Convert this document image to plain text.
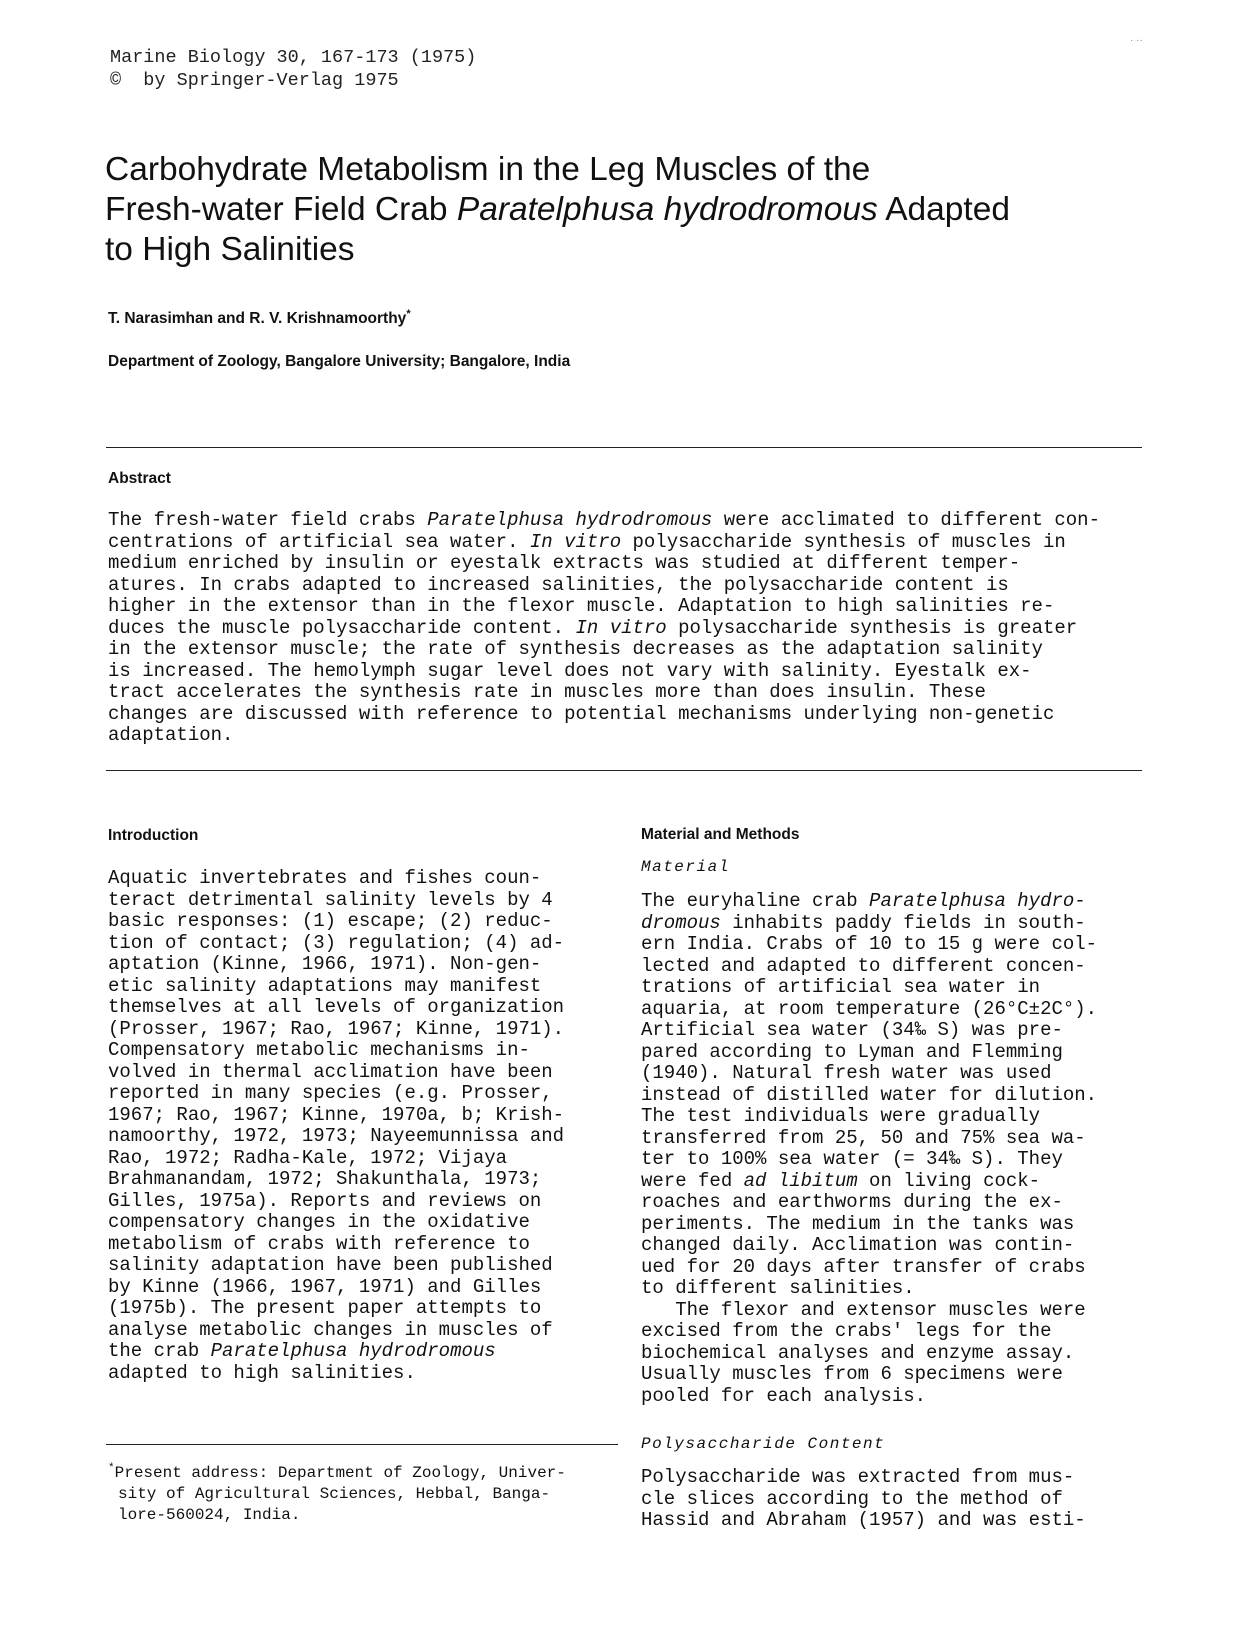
· ··
Marine Biology 30, 167-173 (1975)
©  by Springer-Verlag 1975
Carbohydrate Metabolism in the Leg Muscles of the
Fresh-water Field Crab Paratelphusa hydrodromous Adapted
to High Salinities
T. Narasimhan and R. V. Krishnamoorthy*
Department of Zoology, Bangalore University; Bangalore, India
Abstract
The fresh-water field crabs Paratelphusa hydrodromous were acclimated to different con-
centrations of artificial sea water. In vitro polysaccharide synthesis of muscles in
medium enriched by insulin or eyestalk extracts was studied at different temper-
atures. In crabs adapted to increased salinities, the polysaccharide content is
higher in the extensor than in the flexor muscle. Adaptation to high salinities re-
duces the muscle polysaccharide content. In vitro polysaccharide synthesis is greater
in the extensor muscle; the rate of synthesis decreases as the adaptation salinity
is increased. The hemolymph sugar level does not vary with salinity. Eyestalk ex-
tract accelerates the synthesis rate in muscles more than does insulin. These
changes are discussed with reference to potential mechanisms underlying non-genetic
adaptation.
Introduction
Aquatic invertebrates and fishes coun-
teract detrimental salinity levels by 4
basic responses: (1) escape; (2) reduc-
tion of contact; (3) regulation; (4) ad-
aptation (Kinne, 1966, 1971). Non-gen-
etic salinity adaptations may manifest
themselves at all levels of organization
(Prosser, 1967; Rao, 1967; Kinne, 1971).
Compensatory metabolic mechanisms in-
volved in thermal acclimation have been
reported in many species (e.g. Prosser,
1967; Rao, 1967; Kinne, 1970a, b; Krish-
namoorthy, 1972, 1973; Nayeemunnissa and
Rao, 1972; Radha-Kale, 1972; Vijaya
Brahmanandam, 1972; Shakunthala, 1973;
Gilles, 1975a). Reports and reviews on
compensatory changes in the oxidative
metabolism of crabs with reference to
salinity adaptation have been published
by Kinne (1966, 1967, 1971) and Gilles
(1975b). The present paper attempts to
analyse metabolic changes in muscles of
the crab Paratelphusa hydrodromous
adapted to high salinities.
*Present address: Department of Zoology, Univer-
sity of Agricultural Sciences, Hebbal, Banga-
lore-560024, India.
Material and Methods
Material
The euryhaline crab Paratelphusa hydro-
dromous inhabits paddy fields in south-
ern India. Crabs of 10 to 15 g were col-
lected and adapted to different concen-
trations of artificial sea water in
aquaria, at room temperature (26°C±2C°).
Artificial sea water (34‰ S) was pre-
pared according to Lyman and Flemming
(1940). Natural fresh water was used
instead of distilled water for dilution.
The test individuals were gradually
transferred from 25, 50 and 75% sea wa-
ter to 100% sea water (= 34‰ S). They
were fed ad libitum on living cock-
roaches and earthworms during the ex-
periments. The medium in the tanks was
changed daily. Acclimation was contin-
ued for 20 days after transfer of crabs
to different salinities.
The flexor and extensor muscles were
excised from the crabs' legs for the
biochemical analyses and enzyme assay.
Usually muscles from 6 specimens were
pooled for each analysis.
Polysaccharide Content
Polysaccharide was extracted from mus-
cle slices according to the method of
Hassid and Abraham (1957) and was esti-
